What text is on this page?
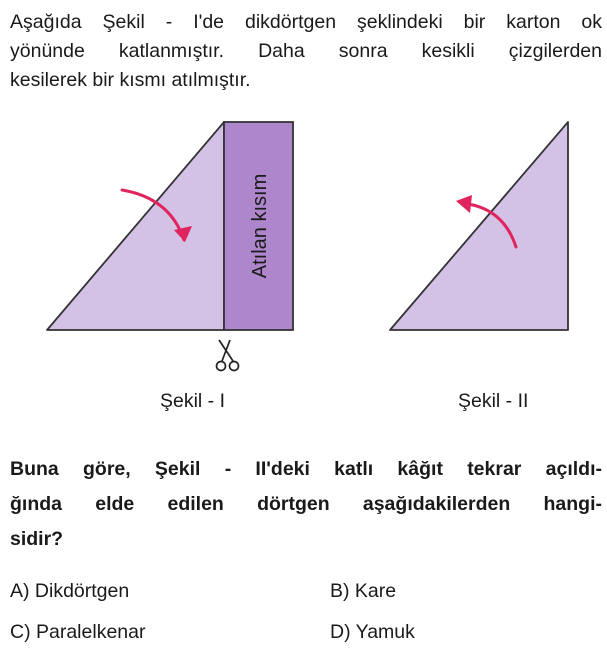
Aşağıda Şekil - I'de dikdörtgen şeklindeki bir karton ok
yönünde katlanmıştır. Daha sonra kesikli çizgilerden
kesilerek bir kısmı atılmıştır.
Atılan kısım
Şekil - I	Şekil - II
Buna göre, Şekil - II'deki katlı kâğıt tekrar açıldı-
ğında elde edilen dörtgen aşağıdakilerden hangi-
sidir?
A) Dikdörtgen	B) Kare
C) Paralelkenar	D) Yamuk
